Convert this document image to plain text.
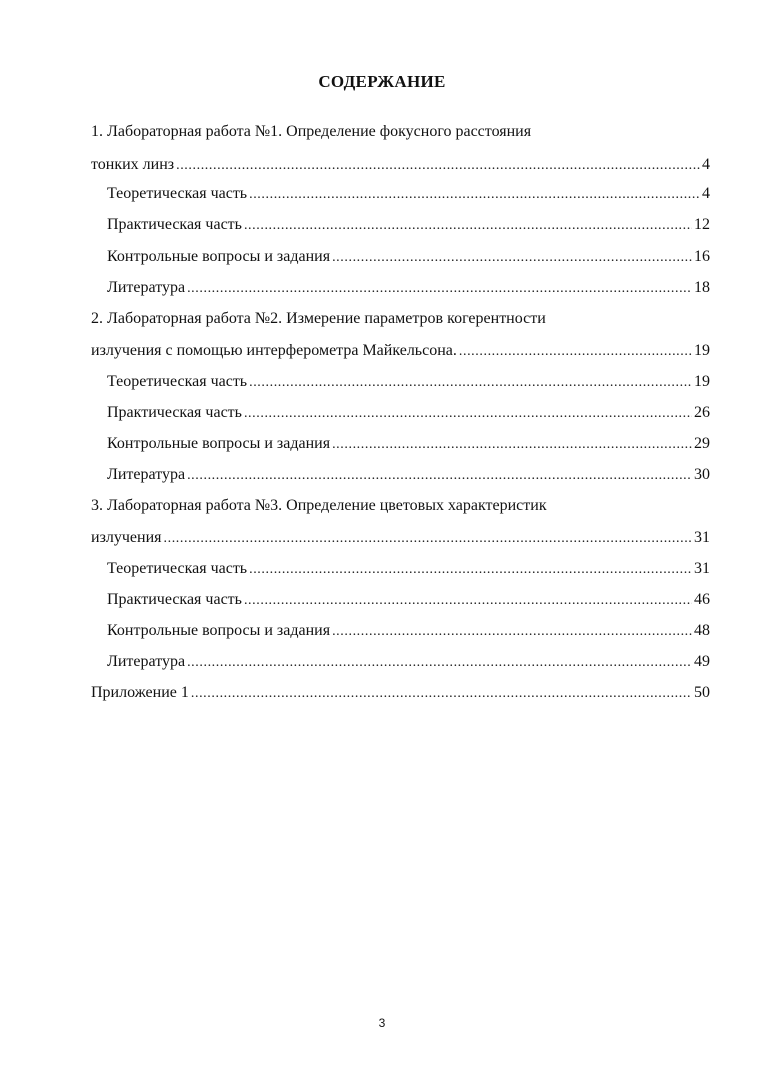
СОДЕРЖАНИЕ
1. Лабораторная работа №1. Определение фокусного расстояния
тонких линз .....	4
Теоретическая часть .....	4
Практическая часть .....	12
Контрольные вопросы и задания .....	16
Литература .....	18
2. Лабораторная работа №2. Измерение параметров когерентности
излучения с помощью интерферометра Майкельсона. .....	19
Теоретическая часть .....	19
Практическая часть .....	26
Контрольные вопросы и задания .....	29
Литература .....	30
3. Лабораторная работа №3. Определение цветовых характеристик
излучения .....	31
Теоретическая часть .....	31
Практическая часть .....	46
Контрольные вопросы и задания .....	48
Литература .....	49
Приложение 1 .....	50
3
